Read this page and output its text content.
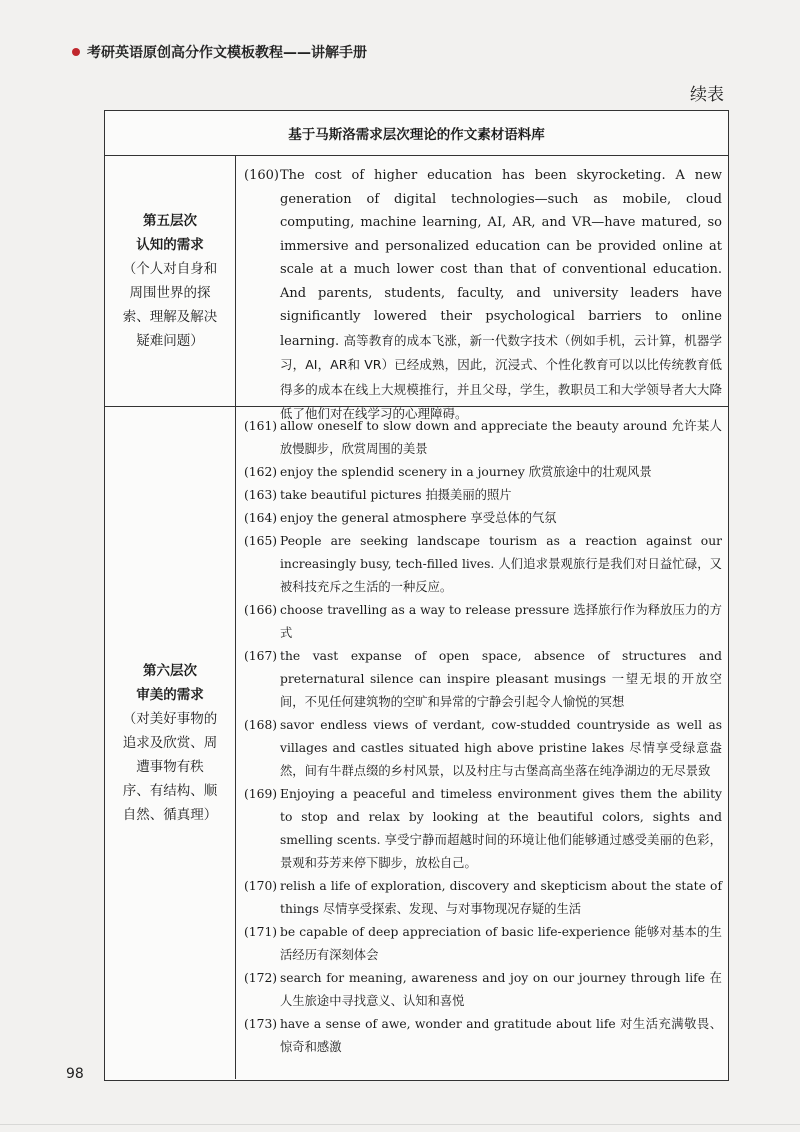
考研英语原创高分作文模板教程——讲解手册
续表
基于马斯洛需求层次理论的作文素材语料库
第五层次
认知的需求
（个人对自身和
周围世界的探
索、理解及解决
疑难问题）
(160) The cost of higher education has been skyrocketing. A new generation of digital technologies—such as mobile, cloud computing, machine learning, AI, AR, and VR—have matured, so immersive and personalized education can be provided online at scale at a much lower cost than that of conventional education. And parents, students, faculty, and university leaders have significantly lowered their psychological barriers to online learning. 高等教育的成本飞涨，新一代数字技术（例如手机，云计算，机器学习，AI，AR和 VR）已经成熟，因此，沉浸式、个性化教育可以以比传统教育低得多的成本在线上大规模推行，并且父母，学生，教职员工和大学领导者大大降低了他们对在线学习的心理障碍。
第六层次
审美的需求
（对美好事物的
追求及欣赏、周
遭事物有秩
序、有结构、顺
自然、循真理）
(161) allow oneself to slow down and appreciate the beauty around 允许某人放慢脚步，欣赏周围的美景
(162) enjoy the splendid scenery in a journey 欣赏旅途中的壮观风景
(163) take beautiful pictures 拍摄美丽的照片
(164) enjoy the general atmosphere 享受总体的气氛
(165) People are seeking landscape tourism as a reaction against our increasingly busy, tech-filled lives. 人们追求景观旅行是我们对日益忙碌，又被科技充斥之生活的一种反应。
(166) choose travelling as a way to release pressure 选择旅行作为释放压力的方式
(167) the vast expanse of open space, absence of structures and preternatural silence can inspire pleasant musings 一望无垠的开放空间，不见任何建筑物的空旷和异常的宁静会引起令人愉悦的冥想
(168) savor endless views of verdant, cow-studded countryside as well as villages and castles situated high above pristine lakes 尽情享受绿意盎然，间有牛群点缀的乡村风景，以及村庄与古堡高高坐落在纯净湖边的无尽景致
(169) Enjoying a peaceful and timeless environment gives them the ability to stop and relax by looking at the beautiful colors, sights and smelling scents. 享受宁静而超越时间的环境让他们能够通过感受美丽的色彩，景观和芬芳来停下脚步，放松自己。
(170) relish a life of exploration, discovery and skepticism about the state of things 尽情享受探索、发现、与对事物现况存疑的生活
(171) be capable of deep appreciation of basic life-experience 能够对基本的生活经历有深刻体会
(172) search for meaning, awareness and joy on our journey through life 在人生旅途中寻找意义、认知和喜悦
(173) have a sense of awe, wonder and gratitude about life 对生活充满敬畏、惊奇和感激
98
